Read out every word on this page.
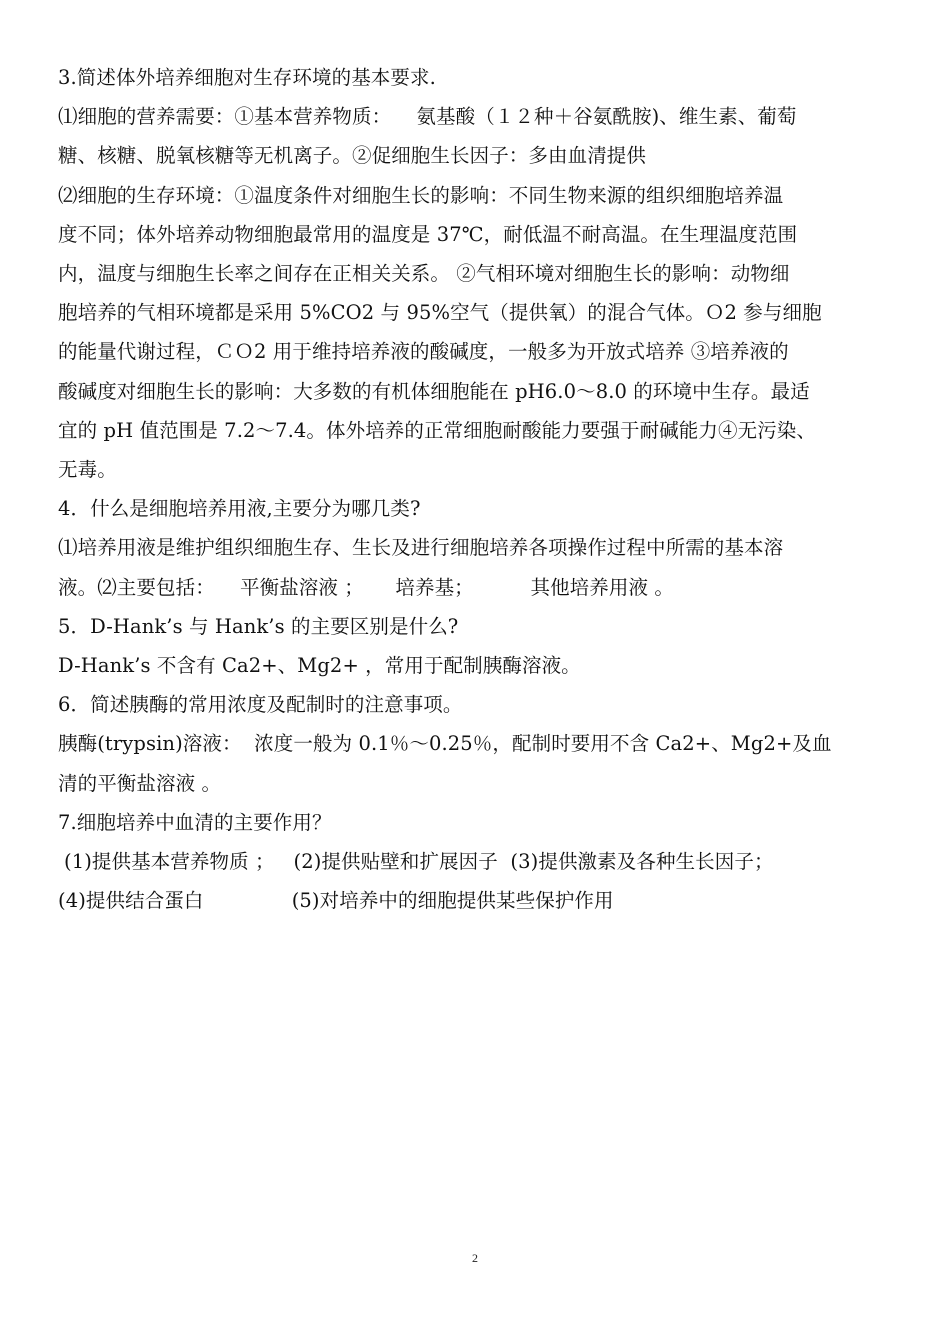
3.简述体外培养细胞对生存环境的基本要求.

⑴细胞的营养需要：①基本营养物质：    氨基酸（１２种＋谷氨酰胺)、维生素、葡萄

糖、核糖、脱氧核糖等无机离子。②促细胞生长因子：多由血清提供

⑵细胞的生存环境：①温度条件对细胞生长的影响：不同生物来源的组织细胞培养温

度不同；体外培养动物细胞最常用的温度是 37℃，耐低温不耐高温。在生理温度范围

内，温度与细胞生长率之间存在正相关关系。 ②气相环境对细胞生长的影响：动物细

胞培养的气相环境都是采用 5%CO2 与 95%空气（提供氧）的混合气体。Ｏ2 参与细胞

的能量代谢过程，ＣＯ2 用于维持培养液的酸碱度，一般多为开放式培养 ③培养液的

酸碱度对细胞生长的影响：大多数的有机体细胞能在 pH6.0～8.0 的环境中生存。最适

宜的 pH 值范围是 7.2～7.4。体外培养的正常细胞耐酸能力要强于耐碱能力④无污染、

无毒。

4．什么是细胞培养用液,主要分为哪几类?

⑴培养用液是维护组织细胞生存、生长及进行细胞培养各项操作过程中所需的基本溶

液。⑵主要包括：    平衡盐溶液 ；     培养基；         其他培养用液 。

5．D-Hank’s 与 Hank’s 的主要区别是什么?

D-Hank’s 不含有 Ca2+、Mg2+ ，常用于配制胰酶溶液。

6．简述胰酶的常用浓度及配制时的注意事项。

胰酶(trypsin)溶液：  浓度一般为 0.1％～0.25％，配制时要用不含 Ca2+、Mg2+及血

清的平衡盐溶液 。

7.细胞培养中血清的主要作用？

(1)提供基本营养物质 ；   (2)提供贴壁和扩展因子  (3)提供激素及各种生长因子；

(4)提供结合蛋白              (5)对培养中的细胞提供某些保护作用

2
